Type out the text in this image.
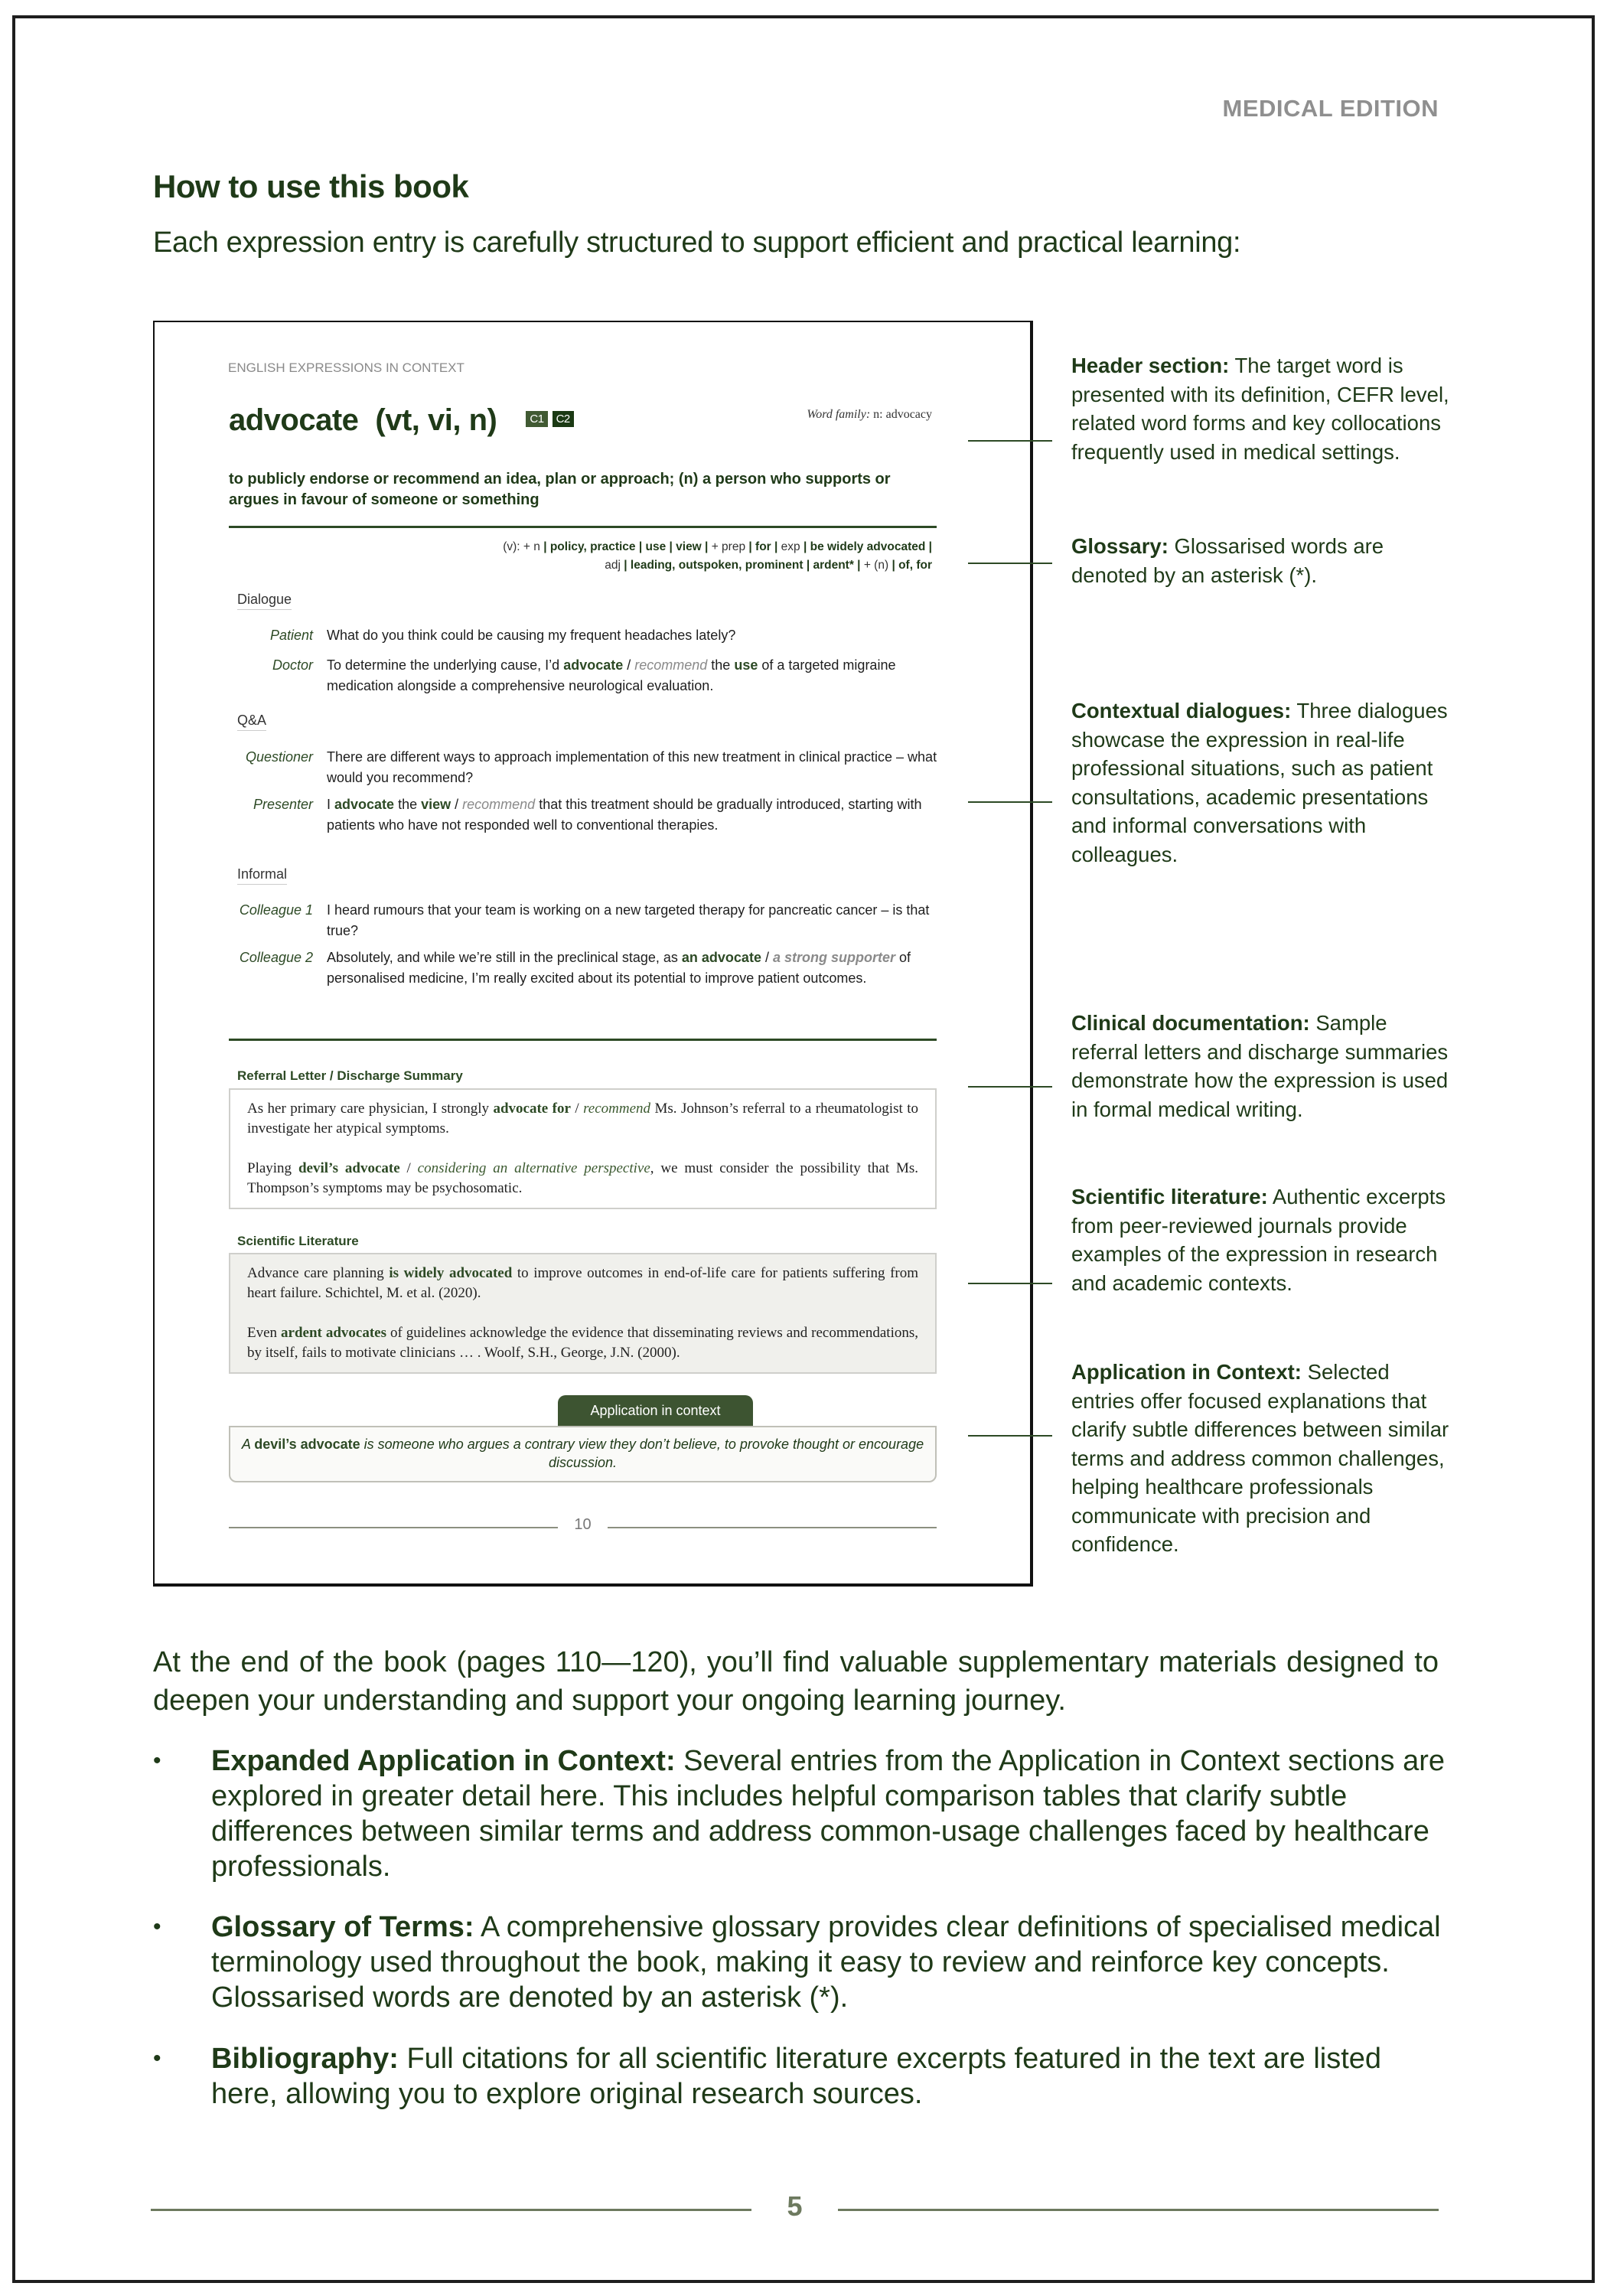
MEDICAL EDITION
How to use this book

Each expression entry is carefully structured to support efficient and practical learning:

ENGLISH EXPRESSIONS IN CONTEXT
advocate (vt, vi, n)	C1 C2	Word family: n: advocacy
to publicly endorse or recommend an idea, plan or approach; (n) a person who supports or argues in favour of someone or something
(v): + n | policy, practice | use | view | + prep | for | exp | be widely advocated |
adj | leading, outspoken, prominent | ardent* | + (n) | of, for
Dialogue
Patient	What do you think could be causing my frequent headaches lately?
Doctor	To determine the underlying cause, I’d advocate / recommend the use of a targeted migraine medication alongside a comprehensive neurological evaluation.
Q&A
Questioner	There are different ways to approach implementation of this new treatment in clinical practice – what would you recommend?
Presenter	I advocate the view / recommend that this treatment should be gradually introduced, starting with patients who have not responded well to conventional therapies.
Informal
Colleague 1	I heard rumours that your team is working on a new targeted therapy for pancreatic cancer – is that true?
Colleague 2	Absolutely, and while we’re still in the preclinical stage, as an advocate / a strong supporter of personalised medicine, I’m really excited about its potential to improve patient outcomes.
Referral Letter / Discharge Summary

As her primary care physician, I strongly advocate for / recommend Ms. Johnson’s referral to a rheumatologist to investigate her atypical symptoms.

Playing devil’s advocate / considering an alternative perspective, we must consider the possibility that Ms. Thompson’s symptoms may be psychosomatic.

Scientific Literature

Advance care planning is widely advocated to improve outcomes in end-of-life care for patients suffering from heart failure. Schichtel, M. et al. (2020).

Even ardent advocates of guidelines acknowledge the evidence that disseminating reviews and recommendations, by itself, fails to motivate clinicians … . Woolf, S.H., George, J.N. (2000).

Application in context
A devil’s advocate is someone who argues a contrary view they don’t believe, to provoke thought or encourage discussion.
10
Header section: The target word is presented with its definition, CEFR level, related word forms and key collocations frequently used in medical settings.
Glossary: Glossarised words are denoted by an asterisk (*).
Contextual dialogues: Three dialogues showcase the expression in real-life professional situations, such as patient consultations, academic presentations and informal conversations with colleagues.
Clinical documentation: Sample referral letters and discharge summaries demonstrate how the expression is used in formal medical writing.
Scientific literature: Authentic excerpts from peer-reviewed journals provide examples of the expression in research and academic contexts.
Application in Context: Selected entries offer focused explanations that clarify subtle differences between similar terms and address common challenges, helping healthcare professionals communicate with precision and confidence.

At the end of the book (pages 110—120), you’ll find valuable supplementary materials designed to deepen your understanding and support your ongoing learning journey.

•	Expanded Application in Context: Several entries from the Application in Context sections are explored in greater detail here. This includes helpful comparison tables that clarify subtle differences between similar terms and address common-usage challenges faced by healthcare professionals.
•	Glossary of Terms: A comprehensive glossary provides clear definitions of specialised medical terminology used throughout the book, making it easy to review and reinforce key concepts. Glossarised words are denoted by an asterisk (*).
•	Bibliography: Full citations for all scientific literature excerpts featured in the text are listed here, allowing you to explore original research sources.
5
